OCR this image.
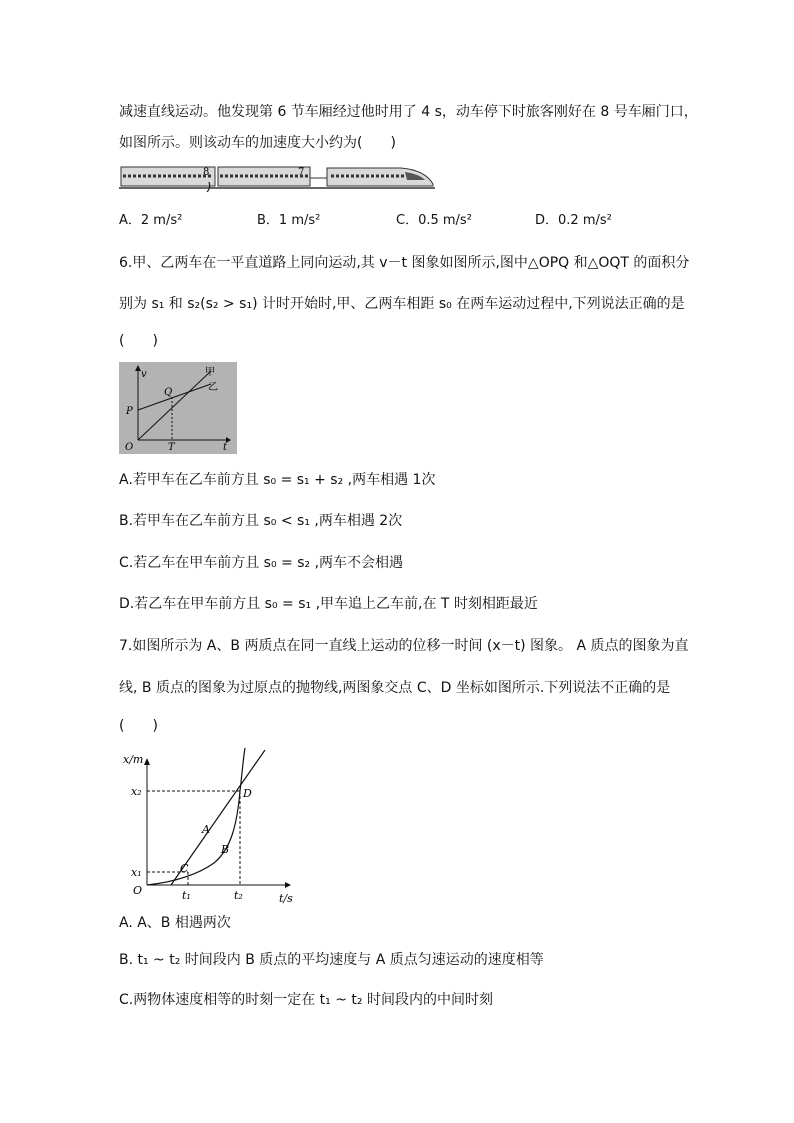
减速直线运动。他发现第 6 节车厢经过他时用了 4 s，动车停下时旅客刚好在 8 号车厢门口，
如图所示。则该动车的加速度大小约为(　　)
8	7
A．2 m/s²	B．1 m/s²	C．0.5 m/s²	D．0.2 m/s²
6.甲、乙两车在一平直道路上同向运动,其 v－t 图象如图所示,图中△OPQ 和△OQT 的面积分
别为 s₁ 和 s₂(s₂ > s₁) 计时开始时,甲、乙两车相距 s₀ 在两车运动过程中,下列说法正确的是
(　　)
v
t
O
P
Q
T
甲
乙
A.若甲车在乙车前方且 s₀ = s₁ + s₂ ,两车相遇 1次
B.若甲车在乙车前方且 s₀ < s₁ ,两车相遇 2次
C.若乙车在甲车前方且 s₀ = s₂ ,两车不会相遇
D.若乙车在甲车前方且 s₀ = s₁ ,甲车追上乙车前,在 T 时刻相距最近
7.如图所示为 A、B 两质点在同一直线上运动的位移一时间 (x－t) 图象。 A 质点的图象为直
线, B 质点的图象为过原点的抛物线,两图象交点 C、D 坐标如图所示.下列说法不正确的是
(　　)
x/m
t/s
O
x₂
x₁
t₁	t₂
A
B
C
D
A. A、B 相遇两次
B. t₁ ~ t₂ 时间段内 B 质点的平均速度与 A 质点匀速运动的速度相等
C.两物体速度相等的时刻一定在 t₁ ~ t₂ 时间段内的中间时刻
